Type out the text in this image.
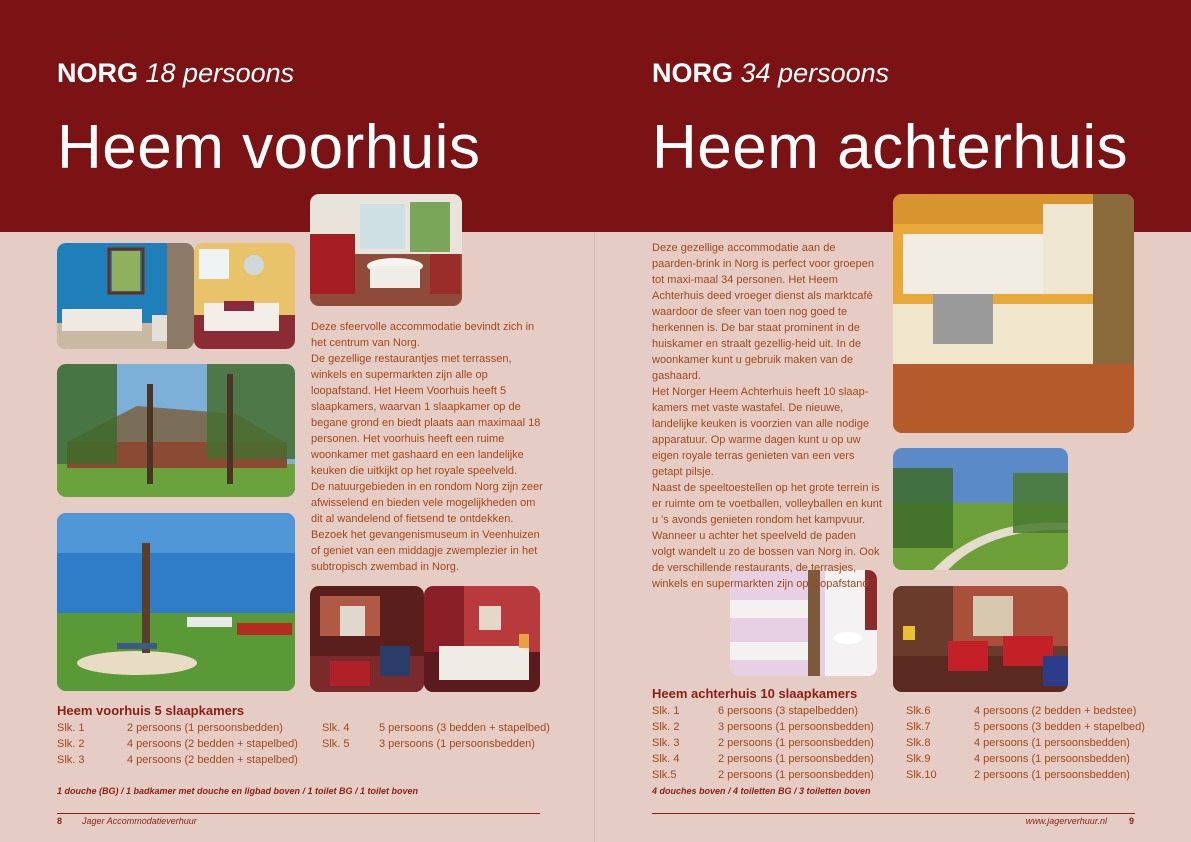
NORG 18 persoons
Heem voorhuis

Deze sfeervolle accommodatie bevindt zich in het centrum van Norg.

De gezellige restaurantjes met terrassen, winkels en supermarkten zijn alle op loopafstand. Het Heem Voorhuis heeft 5 slaapkamers, waarvan 1 slaapkamer op de begane grond en biedt plaats aan maximaal 18 personen. Het voorhuis heeft een ruime woonkamer met gashaard en een landelijke keuken die uitkijkt op het royale speelveld.

De natuurgebieden in en rondom Norg zijn zeer afwisselend en bieden vele mogelijkheden om dit al wandelend of fietsend te ontdekken. Bezoek het gevangenismuseum in Veenhuizen of geniet van een middagje zwemplezier in het subtropisch zwembad in Norg.

Heem voorhuis 5 slaapkamers
Slk. 1	2 persoons (1 persoonsbedden)
Slk. 2	4 persoons (2 bedden + stapelbed)
Slk. 3	4 persoons (2 bedden + stapelbed)
Slk. 4	5 persoons (3 bedden + stapelbed)
Slk. 5	3 persoons (1 persoonsbedden)
1 douche (BG) / 1 badkamer met douche en ligbad boven / 1 toilet BG / 1 toilet boven
8 Jager Accommodatieverhuur
NORG 34 persoons
Heem achterhuis

Deze gezellige accommodatie aan de paarden-brink in Norg is perfect voor groepen tot maxi-maal 34 personen. Het Heem Achterhuis deed vroeger dienst als marktcafé waardoor de sfeer van toen nog goed te herkennen is. De bar staat prominent in de huiskamer en straalt gezellig-heid uit. In de woonkamer kunt u gebruik maken van de gashaard.

Het Norger Heem Achterhuis heeft 10 slaap-kamers met vaste wastafel. De nieuwe, landelijke keuken is voorzien van alle nodige apparatuur. Op warme dagen kunt u op uw eigen royale terras genieten van een vers getapt pilsje.

Naast de speeltoestellen op het grote terrein is er ruimte om te voetballen, volleyballen en kunt u 's avonds genieten rondom het kampvuur. Wanneer u achter het speelveld de paden volgt wandelt u zo de bossen van Norg in. Ook de verschillende restaurants, de terrasjes, winkels en supermarkten zijn op loopafstand.

Heem achterhuis 10 slaapkamers
Slk. 1	6 persoons (3 stapelbedden)
Slk. 2	3 persoons (1 persoonsbedden)
Slk. 3	2 persoons (1 persoonsbedden)
Slk. 4	2 persoons (1 persoonsbedden)
Slk.5	2 persoons (1 persoonsbedden)
Slk.6	4 persoons (2 bedden + bedstee)
Slk.7	5 persoons (3 bedden + stapelbed)
Slk.8	4 persoons (1 persoonsbedden)
Slk.9	4 persoons (1 persoonsbedden)
Slk.10	2 persoons (1 persoonsbedden)
4 douches boven / 4 toiletten BG / 3 toiletten boven
www.jagerverhuur.nl 9
